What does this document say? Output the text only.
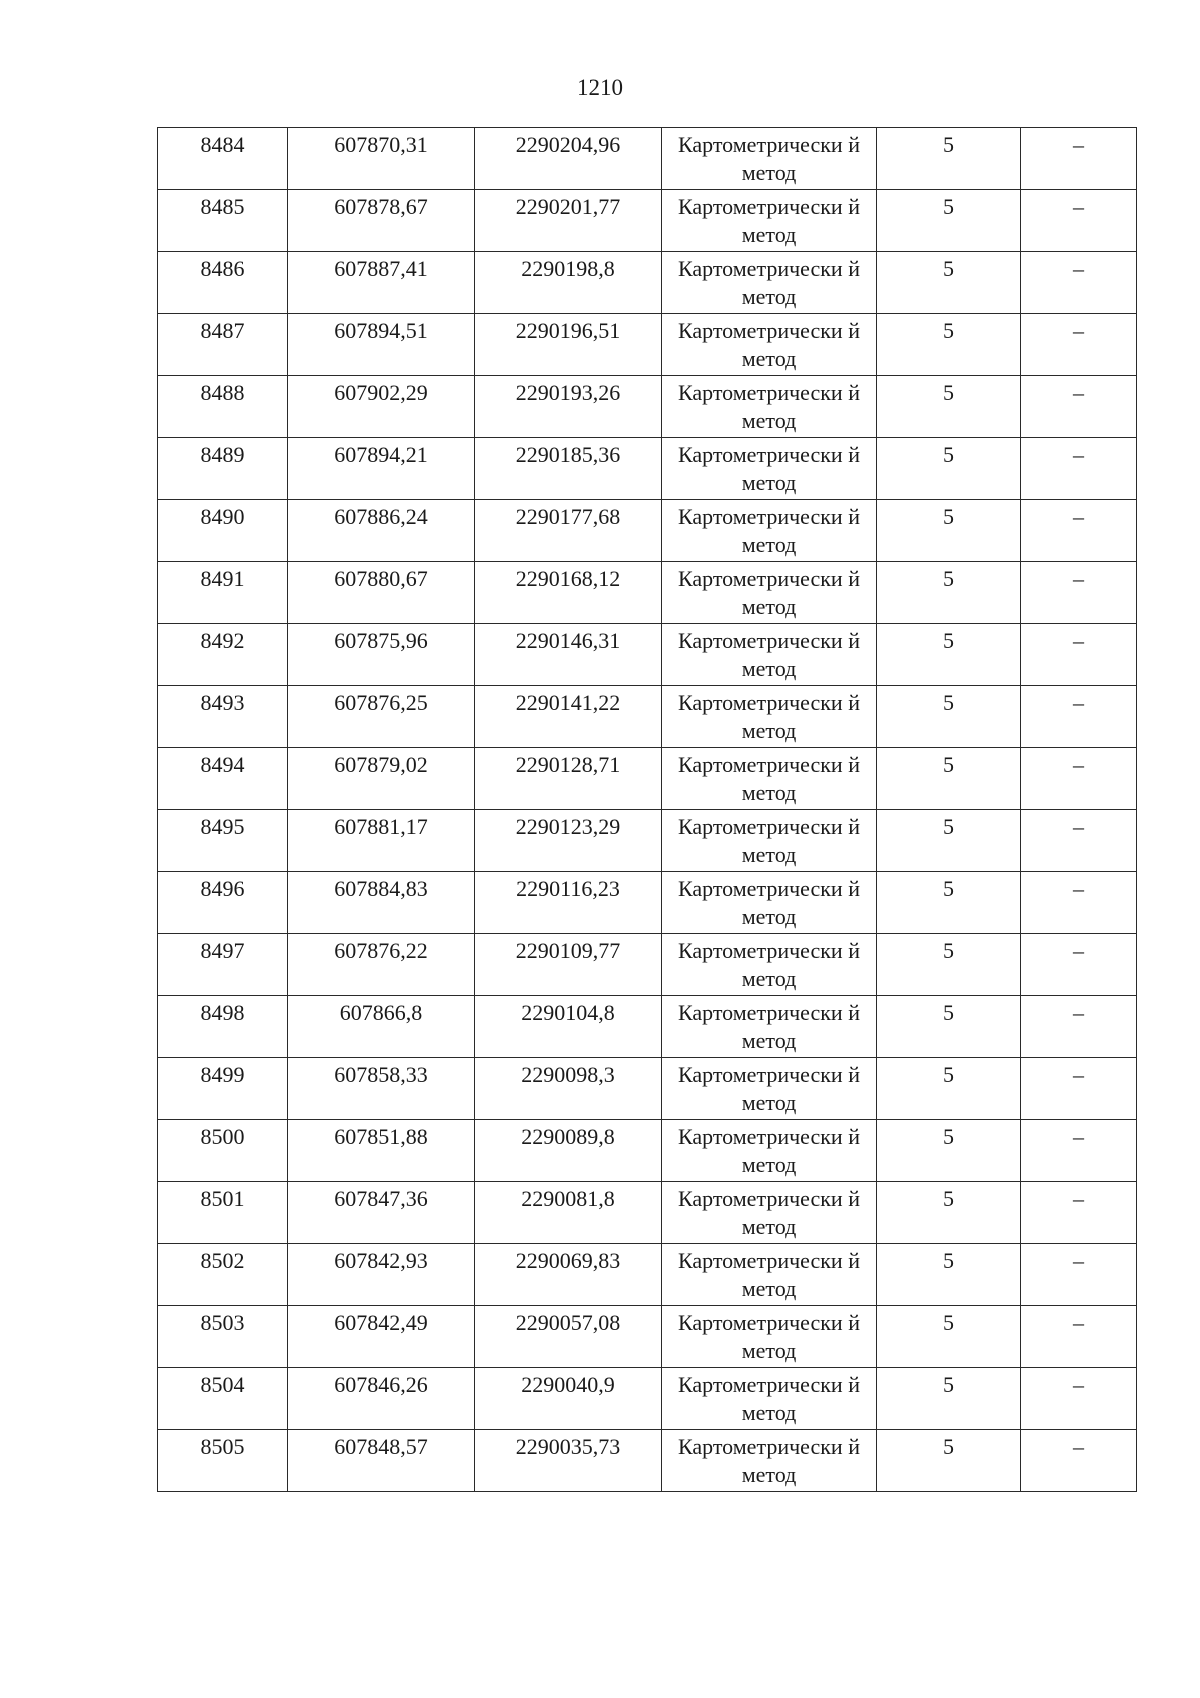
1210
8484	607870,31	2290204,96	Картометрически й метод	5	–
8485	607878,67	2290201,77	Картометрически й метод	5	–
8486	607887,41	2290198,8	Картометрически й метод	5	–
8487	607894,51	2290196,51	Картометрически й метод	5	–
8488	607902,29	2290193,26	Картометрически й метод	5	–
8489	607894,21	2290185,36	Картометрически й метод	5	–
8490	607886,24	2290177,68	Картометрически й метод	5	–
8491	607880,67	2290168,12	Картометрически й метод	5	–
8492	607875,96	2290146,31	Картометрически й метод	5	–
8493	607876,25	2290141,22	Картометрически й метод	5	–
8494	607879,02	2290128,71	Картометрически й метод	5	–
8495	607881,17	2290123,29	Картометрически й метод	5	–
8496	607884,83	2290116,23	Картометрически й метод	5	–
8497	607876,22	2290109,77	Картометрически й метод	5	–
8498	607866,8	2290104,8	Картометрически й метод	5	–
8499	607858,33	2290098,3	Картометрически й метод	5	–
8500	607851,88	2290089,8	Картометрически й метод	5	–
8501	607847,36	2290081,8	Картометрически й метод	5	–
8502	607842,93	2290069,83	Картометрически й метод	5	–
8503	607842,49	2290057,08	Картометрически й метод	5	–
8504	607846,26	2290040,9	Картометрически й метод	5	–
8505	607848,57	2290035,73	Картометрически й метод	5	–
